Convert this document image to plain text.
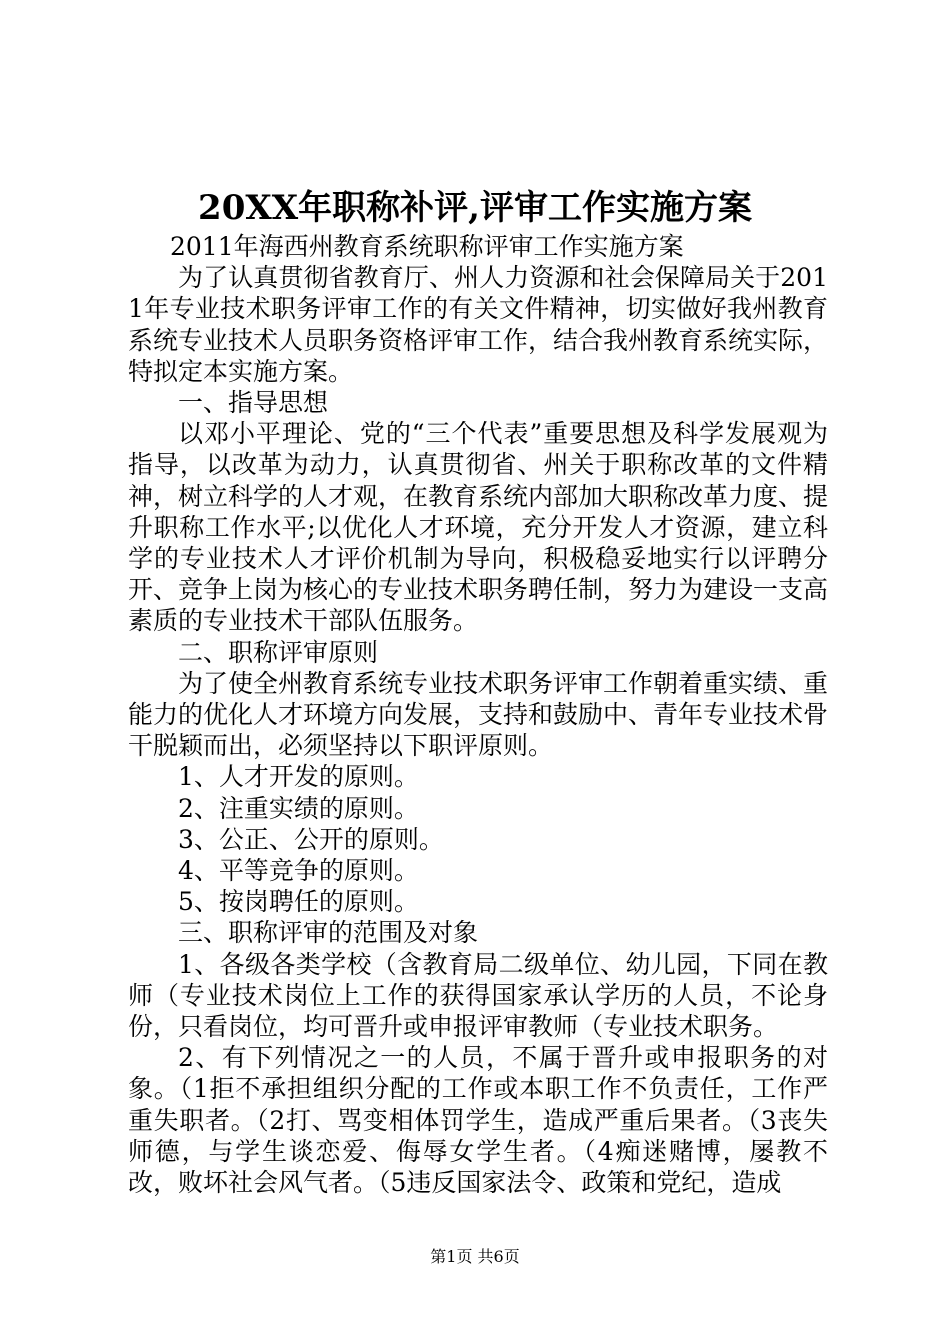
20XX年职称补评,评审工作实施方案

2011年海西州教育系统职称评审工作实施方案

为了认真贯彻省教育厅、州人力资源和社会保障局关于2011年专业技术职务评审工作的有关文件精神，切实做好我州教育系统专业技术人员职务资格评审工作，结合我州教育系统实际，特拟定本实施方案。

一、指导思想

以邓小平理论、党的“三个代表”重要思想及科学发展观为指导，以改革为动力，认真贯彻省、州关于职称改革的文件精神，树立科学的人才观，在教育系统内部加大职称改革力度、提升职称工作水平;以优化人才环境，充分开发人才资源，建立科学的专业技术人才评价机制为导向，积极稳妥地实行以评聘分开、竞争上岗为核心的专业技术职务聘任制，努力为建设一支高素质的专业技术干部队伍服务。

二、职称评审原则

为了使全州教育系统专业技术职务评审工作朝着重实绩、重能力的优化人才环境方向发展，支持和鼓励中、青年专业技术骨干脱颖而出，必须坚持以下职评原则。

1、人才开发的原则。

2、注重实绩的原则。

3、公正、公开的原则。

4、平等竞争的原则。

5、按岗聘任的原则。

三、职称评审的范围及对象

1、各级各类学校（含教育局二级单位、幼儿园，下同在教师（专业技术岗位上工作的获得国家承认学历的人员，不论身份，只看岗位，均可晋升或申报评审教师（专业技术职务。

2、有下列情况之一的人员，不属于晋升或申报职务的对象。（1拒不承担组织分配的工作或本职工作不负责任，工作严重失职者。（2打、骂变相体罚学生，造成严重后果者。（3丧失师德，与学生谈恋爱、侮辱女学生者。（4痴迷赌博，屡教不改，败坏社会风气者。（5违反国家法令、政策和党纪，造成

第1页 共6页
